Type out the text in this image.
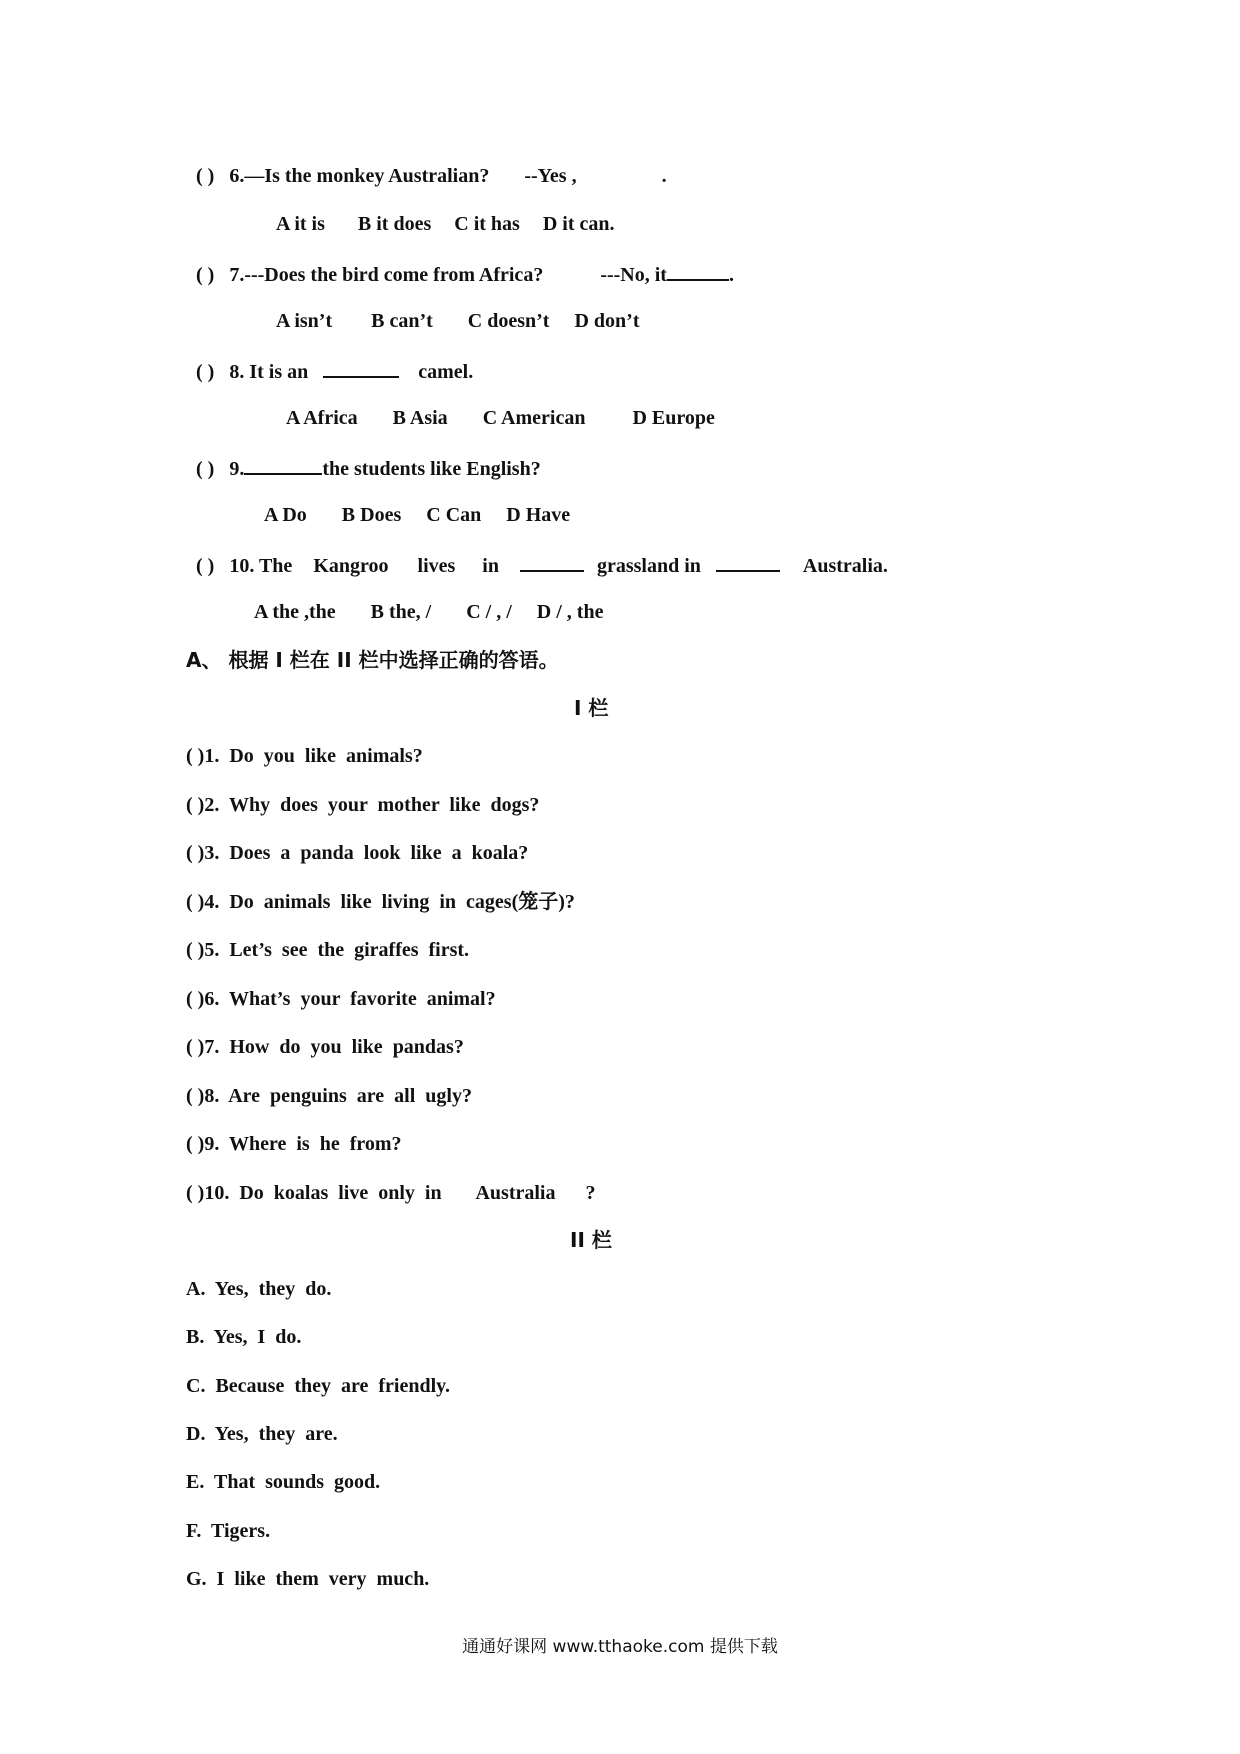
( ) 6.—Is the monkey Australian? --Yes ,	.
A it is B it does C it has D it can.
( ) 7.---Does the bird come from Africa?	---No, it	.
A isn’t B can’t C doesn’t D don’t
( ) 8. It is an	camel.
A Africa B Asia C American D Europe
( ) 9.	the students like English?
A Do B Does C Can D Have
( ) 10. The Kangroo lives in	grassland in	Australia.
A the ,the B the, / C / , / D / , the
A、 根据 I 栏在 II 栏中选择正确的答语。
I 栏
( )1.  Do  you  like  animals?
( )2.  Why  does  your  mother  like  dogs?
( )3.  Does  a  panda  look  like  a  koala?
( )4.  Do  animals  like  living  in  cages(笼子)?
( )5.  Let’s  see  the  giraffes  first.
( )6.  What’s  your  favorite  animal?
( )7.  How  do  you  like  pandas?
( )8.  Are  penguins  are  all  ugly?
( )9.  Where  is  he  from?
( )10.  Do  koalas  live  only  in       Australia      ?
II 栏
A.  Yes,  they  do.
B.  Yes,  I  do.
C.  Because  they  are  friendly.
D.  Yes,  they  are.
E.  That  sounds  good.
F.  Tigers.
G.  I  like  them  very  much.
通通好课网 www.tthaoke.com 提供下载
